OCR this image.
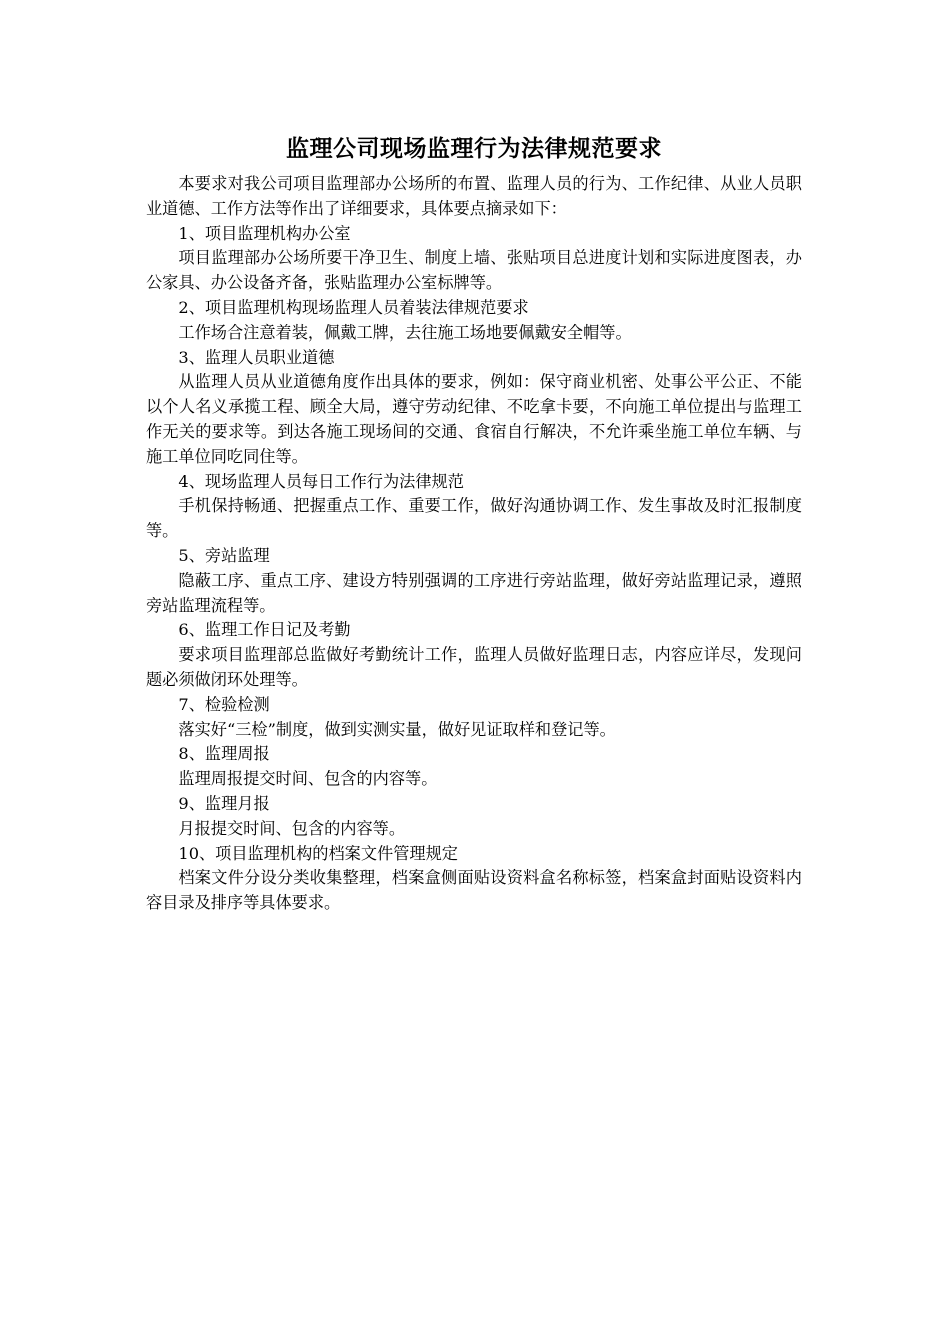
监理公司现场监理行为法律规范要求

本要求对我公司项目监理部办公场所的布置、监理人员的行为、工作纪律、从业人员职业道德、工作方法等作出了详细要求，具体要点摘录如下：

1、项目监理机构办公室

项目监理部办公场所要干净卫生、制度上墙、张贴项目总进度计划和实际进度图表，办公家具、办公设备齐备，张贴监理办公室标牌等。

2、项目监理机构现场监理人员着装法律规范要求

工作场合注意着装，佩戴工牌，去往施工场地要佩戴安全帽等。

3、监理人员职业道德

从监理人员从业道德角度作出具体的要求，例如：保守商业机密、处事公平公正、不能以个人名义承揽工程、顾全大局，遵守劳动纪律、不吃拿卡要，不向施工单位提出与监理工作无关的要求等。到达各施工现场间的交通、食宿自行解决，不允许乘坐施工单位车辆、与施工单位同吃同住等。

4、现场监理人员每日工作行为法律规范

手机保持畅通、把握重点工作、重要工作，做好沟通协调工作、发生事故及时汇报制度等。

5、旁站监理

隐蔽工序、重点工序、建设方特别强调的工序进行旁站监理，做好旁站监理记录，遵照旁站监理流程等。

6、监理工作日记及考勤

要求项目监理部总监做好考勤统计工作，监理人员做好监理日志，内容应详尽，发现问题必须做闭环处理等。

7、检验检测

落实好“三检”制度，做到实测实量，做好见证取样和登记等。

8、监理周报

监理周报提交时间、包含的内容等。

9、监理月报

月报提交时间、包含的内容等。

10、项目监理机构的档案文件管理规定

档案文件分设分类收集整理，档案盒侧面贴设资料盒名称标签，档案盒封面贴设资料内容目录及排序等具体要求。
